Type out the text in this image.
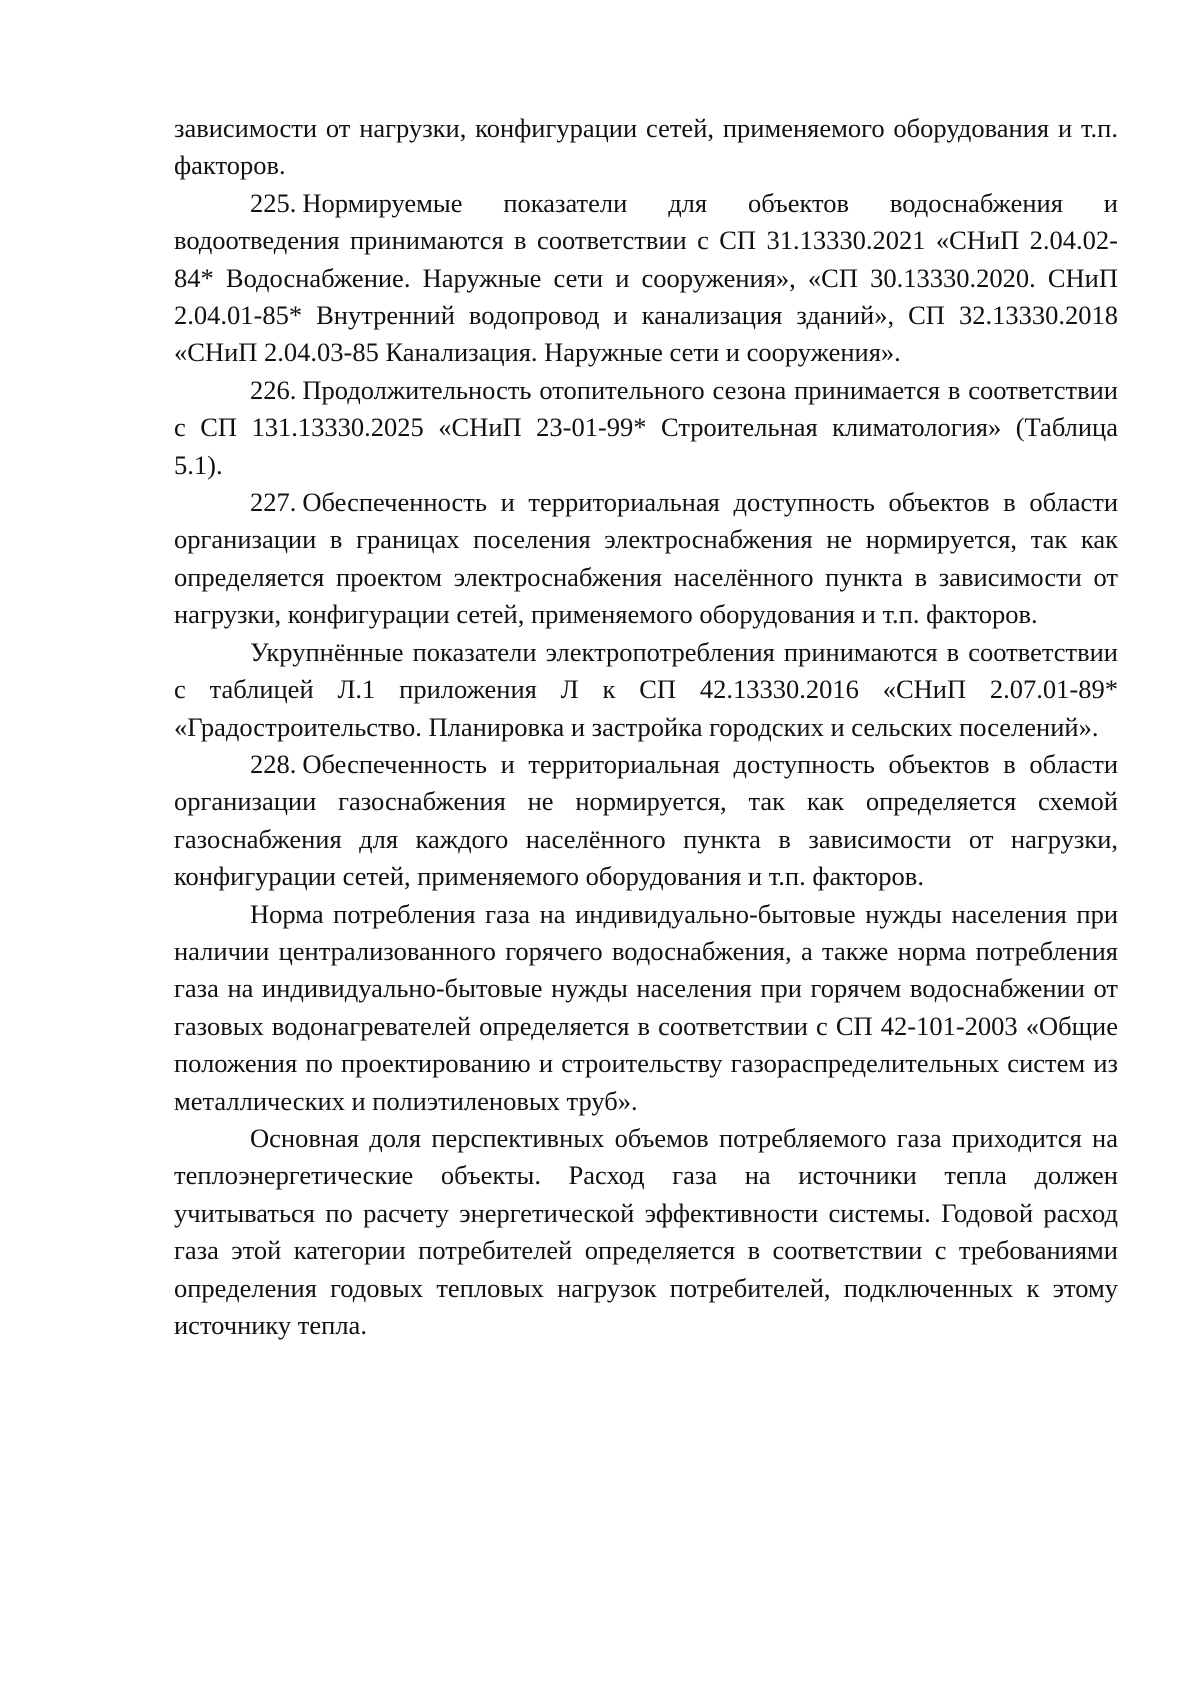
зависимости от нагрузки, конфигурации сетей, применяемого оборудования и т.п. факторов.

225. Нормируемые показатели для объектов водоснабжения и водоотведения принимаются в соответствии с СП 31.13330.2021 «СНиП 2.04.02-84* Водоснабжение. Наружные сети и сооружения», «СП 30.13330.2020. СНиП 2.04.01-85* Внутренний водопровод и канализация зданий», СП 32.13330.2018 «СНиП 2.04.03-85 Канализация. Наружные сети и сооружения».

226. Продолжительность отопительного сезона принимается в соответствии с СП 131.13330.2025 «СНиП 23-01-99* Строительная климатология» (Таблица 5.1).

227. Обеспеченность и территориальная доступность объектов в области организации в границах поселения электроснабжения не нормируется, так как определяется проектом электроснабжения населённого пункта в зависимости от нагрузки, конфигурации сетей, применяемого оборудования и т.п. факторов.

Укрупнённые показатели электропотребления принимаются в соответствии с таблицей Л.1 приложения Л к СП 42.13330.2016 «СНиП 2.07.01-89* «Градостроительство. Планировка и застройка городских и сельских поселений».

228. Обеспеченность и территориальная доступность объектов в области организации газоснабжения не нормируется, так как определяется схемой газоснабжения для каждого населённого пункта в зависимости от нагрузки, конфигурации сетей, применяемого оборудования и т.п. факторов.

Норма потребления газа на индивидуально-бытовые нужды населения при наличии централизованного горячего водоснабжения, а также норма потребления газа на индивидуально-бытовые нужды населения при горячем водоснабжении от газовых водонагревателей определяется в соответствии с СП 42-101-2003 «Общие положения по проектированию и строительству газораспределительных систем из металлических и полиэтиленовых труб».

Основная доля перспективных объемов потребляемого газа приходится на теплоэнергетические объекты. Расход газа на источники тепла должен учитываться по расчету энергетической эффективности системы. Годовой расход газа этой категории потребителей определяется в соответствии с требованиями определения годовых тепловых нагрузок потребителей, подключенных к этому источнику тепла.
